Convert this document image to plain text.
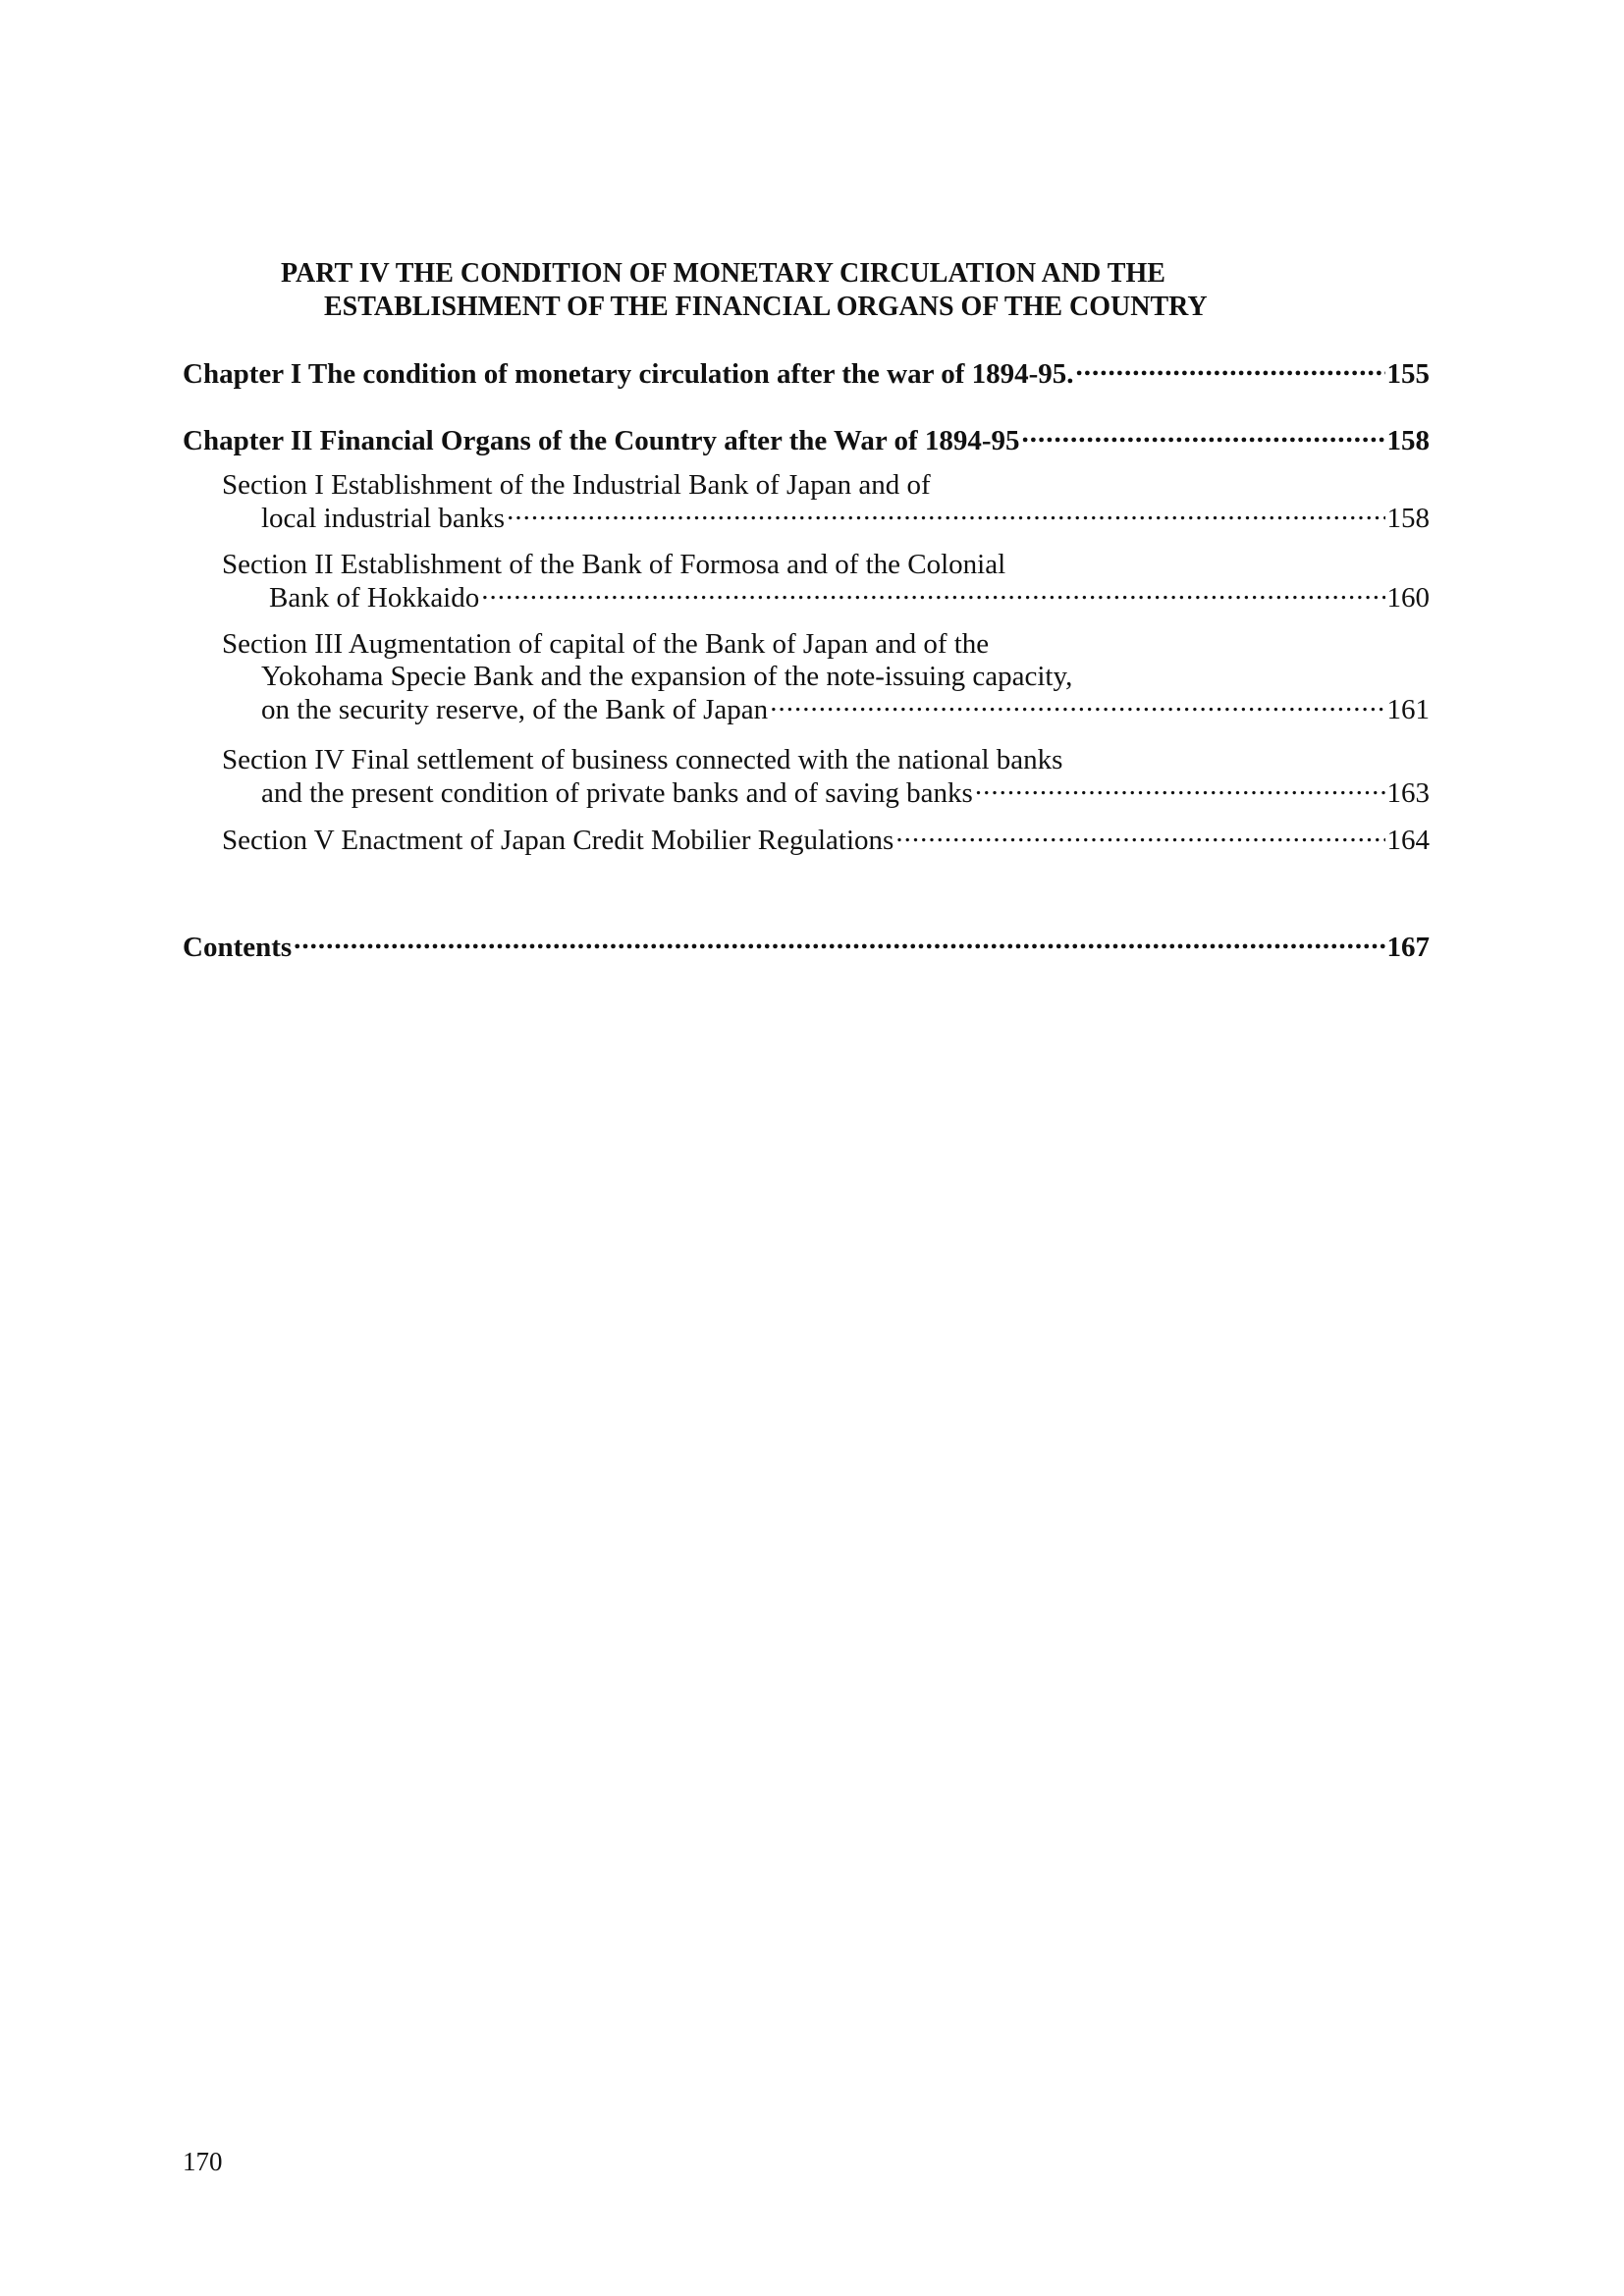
PART IV THE CONDITION OF MONETARY CIRCULATION AND THE
ESTABLISHMENT OF THE FINANCIAL ORGANS OF THE COUNTRY
Chapter I The condition of monetary circulation after the war of 1894-95. .....	155
Chapter II Financial Organs of the Country after the War of 1894-95 .....	158
Section I Establishment of the Industrial Bank of Japan and of
local industrial banks .....	158
Section II Establishment of the Bank of Formosa and of the Colonial
Bank of Hokkaido .....	160
Section III Augmentation of capital of the Bank of Japan and of the
Yokohama Specie Bank and the expansion of the note-issuing capacity,
on the security reserve, of the Bank of Japan .....	161
Section IV Final settlement of business connected with the national banks
and the present condition of private banks and of saving banks .....	163
Section V Enactment of Japan Credit Mobilier Regulations .....	164
Contents .....	167
170
